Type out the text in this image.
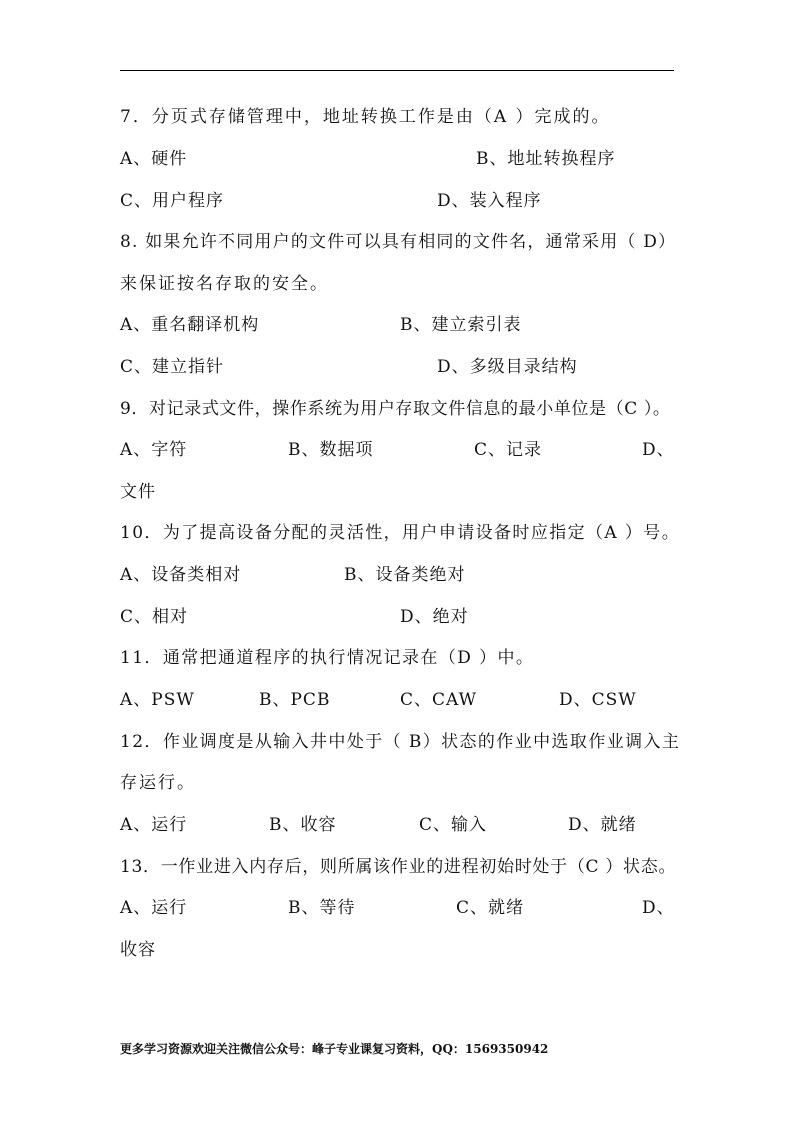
7．分页式存储管理中，地址转换工作是由（A ）完成的。
A、硬件	B、地址转换程序
C、用户程序	D、装入程序
8. 如果允许不同用户的文件可以具有相同的文件名，通常采用（ D）
来保证按名存取的安全。
A、重名翻译机构	B、建立索引表
C、建立指针	D、多级目录结构
9．对记录式文件，操作系统为用户存取文件信息的最小单位是（C ）。
A、字符	B、数据项	C、记录	D、
文件
10．为了提高设备分配的灵活性，用户申请设备时应指定（A ）号。
A、设备类相对	B、设备类绝对
C、相对	D、绝对
11．通常把通道程序的执行情况记录在（D ）中。
A、PSW	B、PCB	C、CAW	D、CSW
12．作业调度是从输入井中处于（ B）状态的作业中选取作业调入主
存运行。
A、运行	B、收容	C、输入	D、就绪
13．一作业进入内存后，则所属该作业的进程初始时处于（C ）状态。
A、运行	B、等待	C、就绪	D、
收容
更多学习资源欢迎关注微信公众号：峰子专业课复习资料，QQ：1569350942
